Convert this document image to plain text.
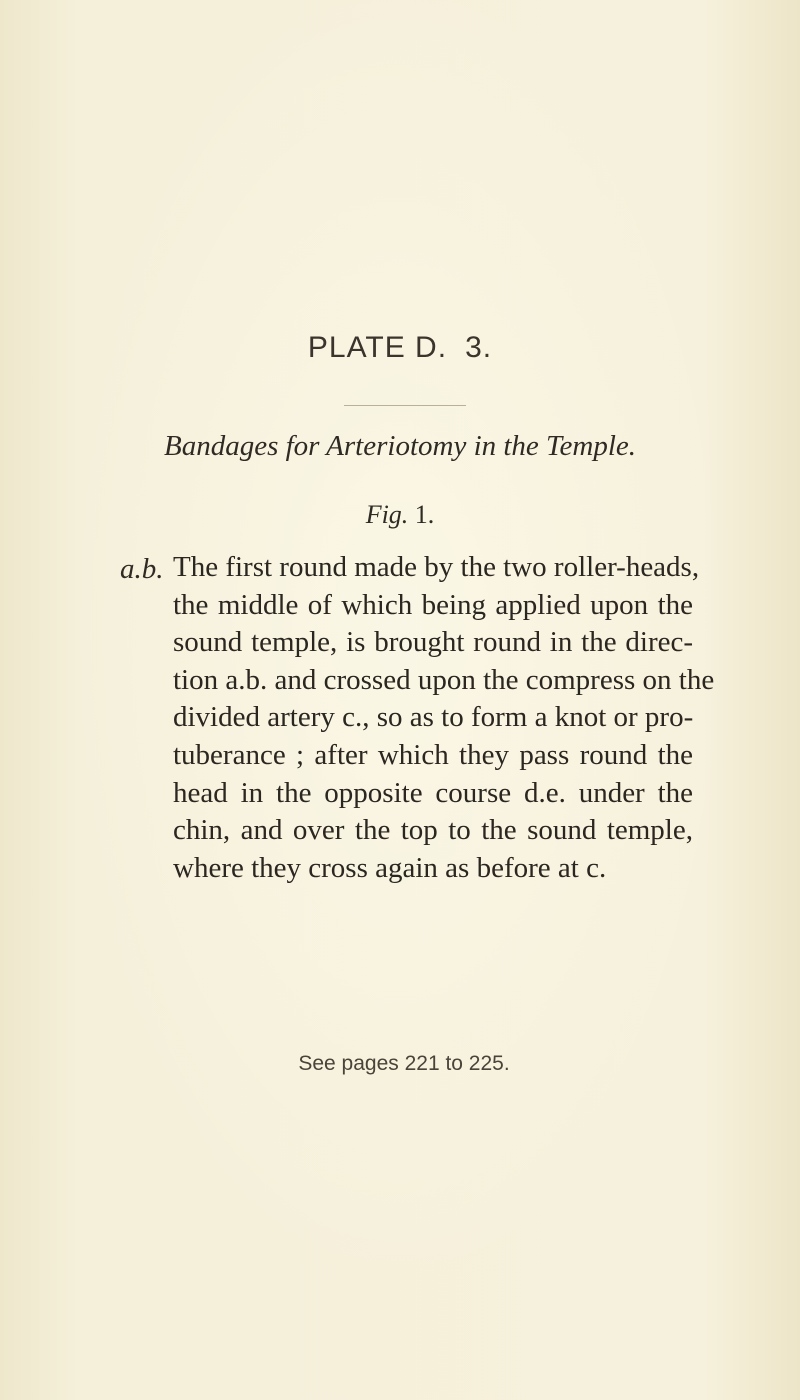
PLATE D. 3.
Bandages for Arteriotomy in the Temple.
Fig. 1.
a.b. The first round made by the two roller-heads,
the middle of which being applied upon the
sound temple, is brought round in the direc-
tion a.b. and crossed upon the compress on the
divided artery c., so as to form a knot or pro-
tuberance ; after which they pass round the
head in the opposite course d.e. under the
chin, and over the top to the sound temple,
where they cross again as before at c.

See pages 221 to 225.
